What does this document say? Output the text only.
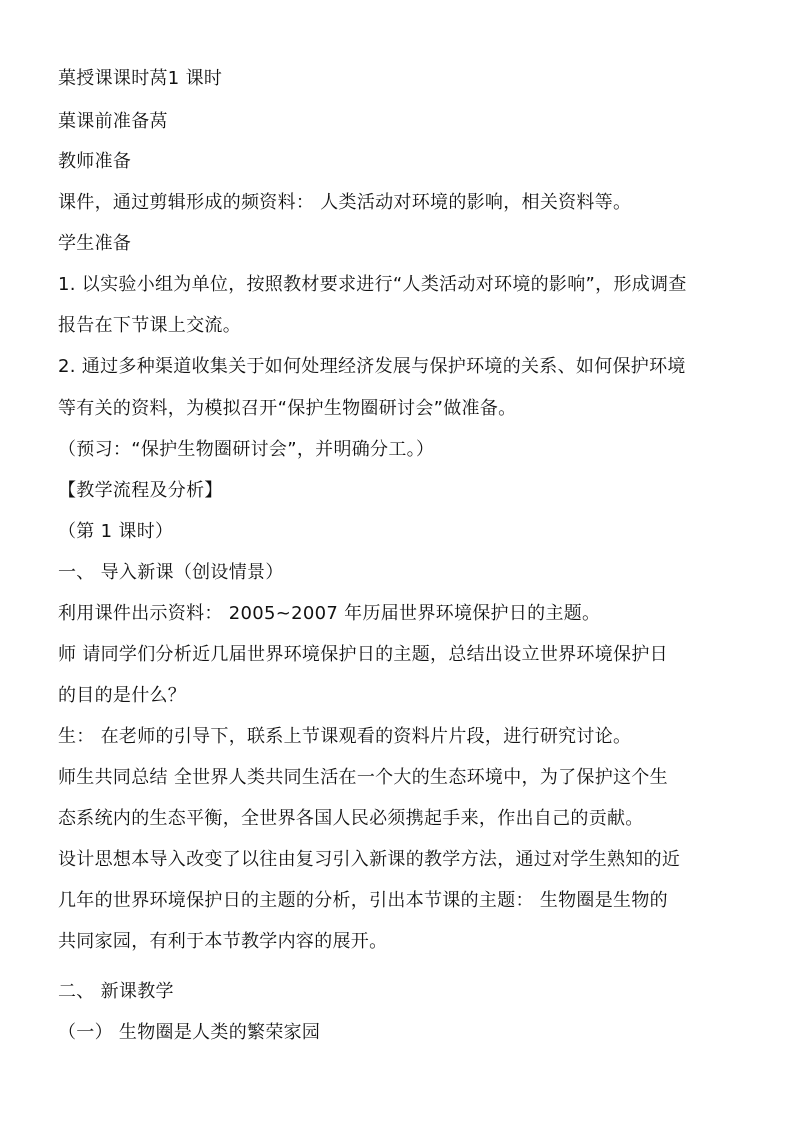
菓授课课时莴1 课时
菓课前准备莴
教师准备
课件，通过剪辑形成的频资料： 人类活动对环境的影响，相关资料等。
学生准备
1. 以实验小组为单位，按照教材要求进行“人类活动对环境的影响”，形成调查
报告在下节课上交流。
2. 通过多种渠道收集关于如何处理经济发展与保护环境的关系、如何保护环境
等有关的资料，为模拟召开“保护生物圈研讨会”做准备。
（预习：“保护生物圈研讨会”，并明确分工。）
【教学流程及分析】
（第 1 课时）
一、 导入新课（创设情景）
利用课件出示资料： 2005~2007 年历届世界环境保护日的主题。
师 请同学们分析近几届世界环境保护日的主题，总结出设立世界环境保护日
的目的是什么？
生： 在老师的引导下，联系上节课观看的资料片片段，进行研究讨论。
师生共同总结 全世界人类共同生活在一个大的生态环境中，为了保护这个生
态系统内的生态平衡，全世界各国人民必须携起手来，作出自己的贡献。
设计思想本导入改变了以往由复习引入新课的教学方法，通过对学生熟知的近
几年的世界环境保护日的主题的分析，引出本节课的主题： 生物圈是生物的
共同家园，有利于本节教学内容的展开。
二、 新课教学
（一） 生物圈是人类的繁荣家园
